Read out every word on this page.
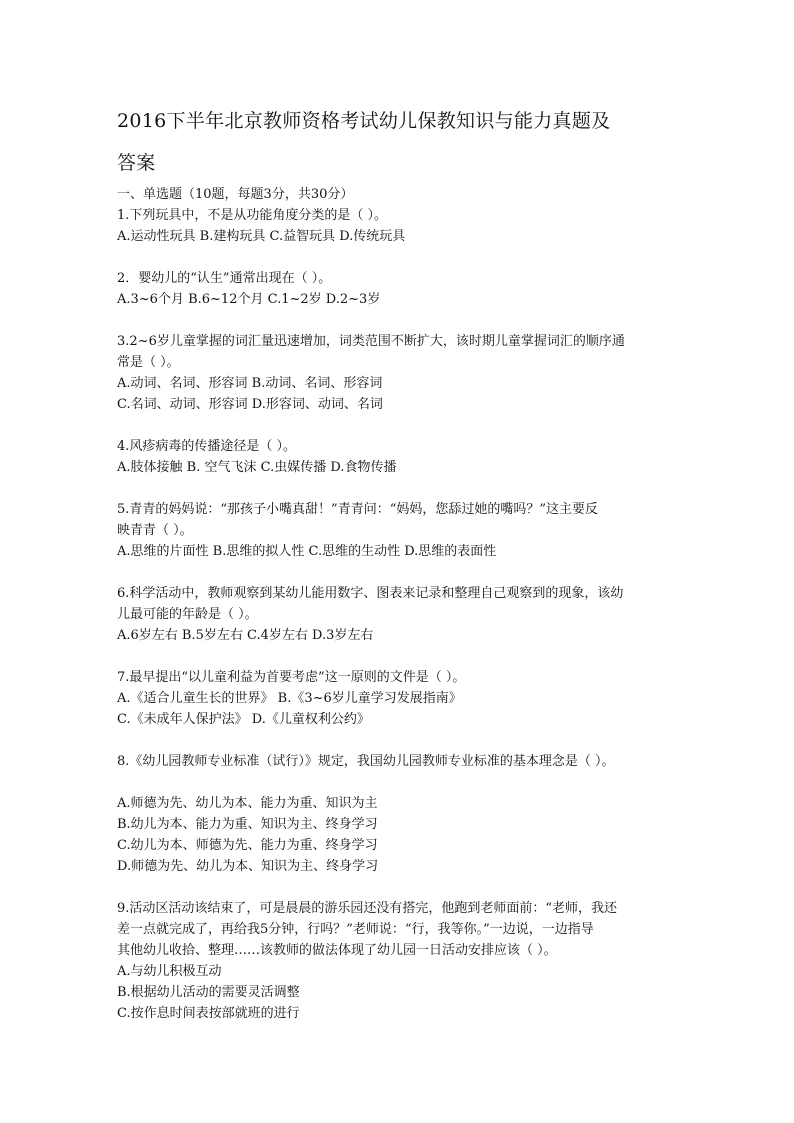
2016下半年北京教师资格考试幼儿保教知识与能力真题及
答案
一、单选题（10题，每题3分，共30分）
1.下列玩具中，不是从功能角度分类的是（ ）。
A.运动性玩具 B.建构玩具 C.益智玩具 D.传统玩具
2．婴幼儿的“认生”通常出现在（ ）。
A.3~6个月 B.6~12个月 C.1~2岁 D.2~3岁
3.2~6岁儿童掌握的词汇量迅速增加，词类范围不断扩大，该时期儿童掌握词汇的顺序通
常是（ ）。
A.动词、名词、形容词 B.动词、名词、形容词
C.名词、动词、形容词 D.形容词、动词、名词
4.风疹病毒的传播途径是（ ）。
A.肢体接触 B. 空气飞沫 C.虫媒传播 D.食物传播
5.青青的妈妈说：“那孩子小嘴真甜！”青青问：“妈妈，您舔过她的嘴吗？”这主要反
映青青（ ）。
A.思维的片面性 B.思维的拟人性 C.思维的生动性 D.思维的表面性
6.科学活动中，教师观察到某幼儿能用数字、图表来记录和整理自己观察到的现象，该幼
儿最可能的年龄是（ ）。
A.6岁左右 B.5岁左右 C.4岁左右 D.3岁左右
7.最早提出“以儿童利益为首要考虑”这一原则的文件是（ ）。
A.《适合儿童生长的世界》 B.《3~6岁儿童学习发展指南》
C.《未成年人保护法》 D.《儿童权利公约》
8.《幼儿园教师专业标准（试行）》规定，我国幼儿园教师专业标准的基本理念是（ ）。

A.师德为先、幼儿为本、能力为重、知识为主
B.幼儿为本、能力为重、知识为主、终身学习
C.幼儿为本、师德为先、能力为重、终身学习
D.师德为先、幼儿为本、知识为主、终身学习
9.活动区活动该结束了，可是晨晨的游乐园还没有搭完，他跑到老师面前：“老师，我还
差一点就完成了，再给我5分钟，行吗？”老师说：“行，我等你。”一边说，一边指导
其他幼儿收拾、整理……该教师的做法体现了幼儿园一日活动安排应该（ ）。
A.与幼儿积极互动
B.根据幼儿活动的需要灵活调整
C.按作息时间表按部就班的进行
